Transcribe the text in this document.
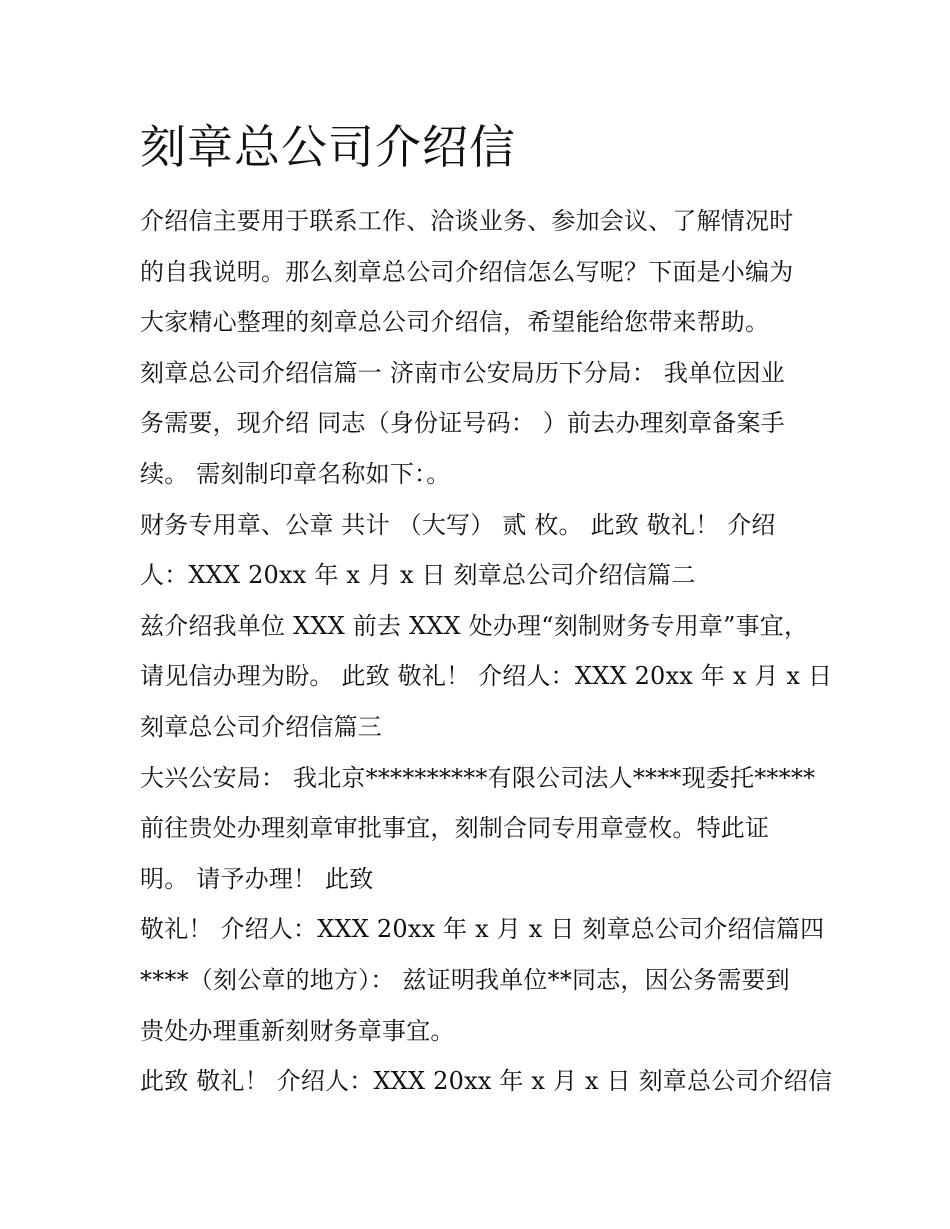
刻章总公司介绍信
介绍信主要用于联系工作、洽谈业务、参加会议、了解情况时
的自我说明。那么刻章总公司介绍信怎么写呢？下面是小编为
大家精心整理的刻章总公司介绍信，希望能给您带来帮助。
刻章总公司介绍信篇一 济南市公安局历下分局： 我单位因业
务需要，现介绍 同志（身份证号码： ）前去办理刻章备案手
续。 需刻制印章名称如下：。
财务专用章、公章 共计 （大写） 贰 枚。 此致 敬礼！ 介绍
人：XXX 20xx 年 x 月 x 日 刻章总公司介绍信篇二
兹介绍我单位 XXX 前去 XXX 处办理“刻制财务专用章”事宜，
请见信办理为盼。 此致 敬礼！ 介绍人：XXX 20xx 年 x 月 x 日
刻章总公司介绍信篇三
大兴公安局： 我北京**********有限公司法人****现委托*****
前往贵处办理刻章审批事宜，刻制合同专用章壹枚。特此证
明。 请予办理！ 此致
敬礼！ 介绍人：XXX 20xx 年 x 月 x 日 刻章总公司介绍信篇四
****（刻公章的地方）： 兹证明我单位**同志，因公务需要到
贵处办理重新刻财务章事宜。
此致 敬礼！ 介绍人：XXX 20xx 年 x 月 x 日 刻章总公司介绍信
